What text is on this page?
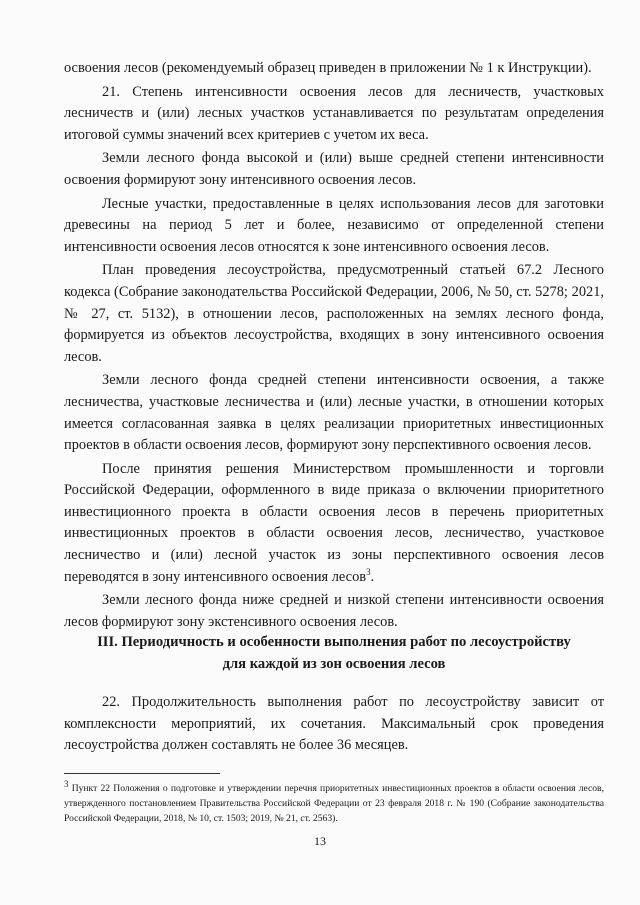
освоения лесов (рекомендуемый образец приведен в приложении № 1 к Инструкции).

21. Степень интенсивности освоения лесов для лесничеств, участковых лесничеств и (или) лесных участков устанавливается по результатам определения итоговой суммы значений всех критериев с учетом их веса.

Земли лесного фонда высокой и (или) выше средней степени интенсивности освоения формируют зону интенсивного освоения лесов.

Лесные участки, предоставленные в целях использования лесов для заготовки древесины на период 5 лет и более, независимо от определенной степени интенсивности освоения лесов относятся к зоне интенсивного освоения лесов.

План проведения лесоустройства, предусмотренный статьей 67.2 Лесного кодекса (Собрание законодательства Российской Федерации, 2006, № 50, ст. 5278; 2021, № 27, ст. 5132), в отношении лесов, расположенных на землях лесного фонда, формируется из объектов лесоустройства, входящих в зону интенсивного освоения лесов.

Земли лесного фонда средней степени интенсивности освоения, а также лесничества, участковые лесничества и (или) лесные участки, в отношении которых имеется согласованная заявка в целях реализации приоритетных инвестиционных проектов в области освоения лесов, формируют зону перспективного освоения лесов.

После принятия решения Министерством промышленности и торговли Российской Федерации, оформленного в виде приказа о включении приоритетного инвестиционного проекта в области освоения лесов в перечень приоритетных инвестиционных проектов в области освоения лесов, лесничество, участковое лесничество и (или) лесной участок из зоны перспективного освоения лесов переводятся в зону интенсивного освоения лесов$^3$.

Земли лесного фонда ниже средней и низкой степени интенсивности освоения лесов формируют зону экстенсивного освоения лесов.

III. Периодичность и особенности выполнения работ по лесоустройству
для каждой из зон освоения лесов

22. Продолжительность выполнения работ по лесоустройству зависит от комплексности мероприятий, их сочетания. Максимальный срок проведения лесоустройства должен составлять не более 36 месяцев.

$^3$ Пункт 22 Положения о подготовке и утверждении перечня приоритетных инвестиционных проектов в области освоения лесов, утвержденного постановлением Правительства Российской Федерации от 23 февраля 2018 г. № 190 (Собрание законодательства Российской Федерации, 2018, № 10, ст. 1503; 2019, № 21, ст. 2563).
13
